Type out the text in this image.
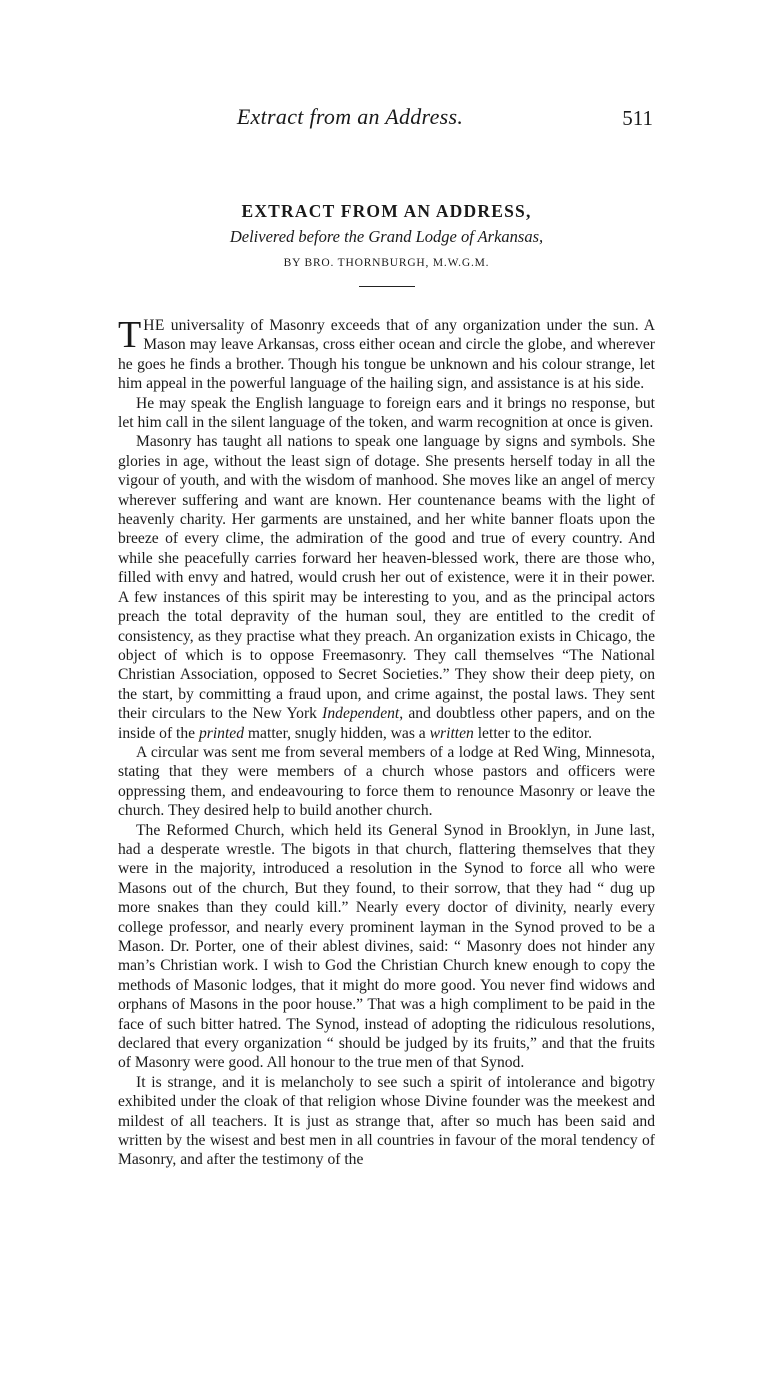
Extract from an Address.	511
EXTRACT FROM AN ADDRESS,
Delivered before the Grand Lodge of Arkansas,
BY BRO. THORNBURGH, M.W.G.M.

THE universality of Masonry exceeds that of any organization under the sun. A Mason may leave Arkansas, cross either ocean and circle the globe, and wherever he goes he finds a brother. Though his tongue be unknown and his colour strange, let him appeal in the powerful language of the hailing sign, and assistance is at his side.

He may speak the English language to foreign ears and it brings no response, but let him call in the silent language of the token, and warm recognition at once is given.

Masonry has taught all nations to speak one language by signs and symbols. She glories in age, without the least sign of dotage. She presents herself today in all the vigour of youth, and with the wisdom of manhood. She moves like an angel of mercy wherever suffering and want are known. Her countenance beams with the light of heavenly charity. Her garments are unstained, and her white banner floats upon the breeze of every clime, the admiration of the good and true of every country. And while she peacefully carries forward her heaven-blessed work, there are those who, filled with envy and hatred, would crush her out of existence, were it in their power. A few instances of this spirit may be interesting to you, and as the principal actors preach the total depravity of the human soul, they are entitled to the credit of consistency, as they practise what they preach. An organization exists in Chicago, the object of which is to oppose Freemasonry. They call themselves “The National Christian Association, opposed to Secret Societies.” They show their deep piety, on the start, by committing a fraud upon, and crime against, the postal laws. They sent their circulars to the New York Independent, and doubtless other papers, and on the inside of the printed matter, snugly hidden, was a written letter to the editor.

A circular was sent me from several members of a lodge at Red Wing, Minnesota, stating that they were members of a church whose pastors and officers were oppressing them, and endeavouring to force them to renounce Masonry or leave the church. They desired help to build another church.

The Reformed Church, which held its General Synod in Brooklyn, in June last, had a desperate wrestle. The bigots in that church, flattering themselves that they were in the majority, introduced a resolution in the Synod to force all who were Masons out of the church, But they found, to their sorrow, that they had “ dug up more snakes than they could kill.” Nearly every doctor of divinity, nearly every college professor, and nearly every prominent layman in the Synod proved to be a Mason. Dr. Porter, one of their ablest divines, said: “ Masonry does not hinder any man’s Christian work. I wish to God the Christian Church knew enough to copy the methods of Masonic lodges, that it might do more good. You never find widows and orphans of Masons in the poor house.” That was a high compliment to be paid in the face of such bitter hatred. The Synod, instead of adopting the ridiculous resolutions, declared that every organization “ should be judged by its fruits,” and that the fruits of Masonry were good. All honour to the true men of that Synod.

It is strange, and it is melancholy to see such a spirit of intolerance and bigotry exhibited under the cloak of that religion whose Divine founder was the meekest and mildest of all teachers. It is just as strange that, after so much has been said and written by the wisest and best men in all countries in favour of the moral tendency of Masonry, and after the testimony of the
